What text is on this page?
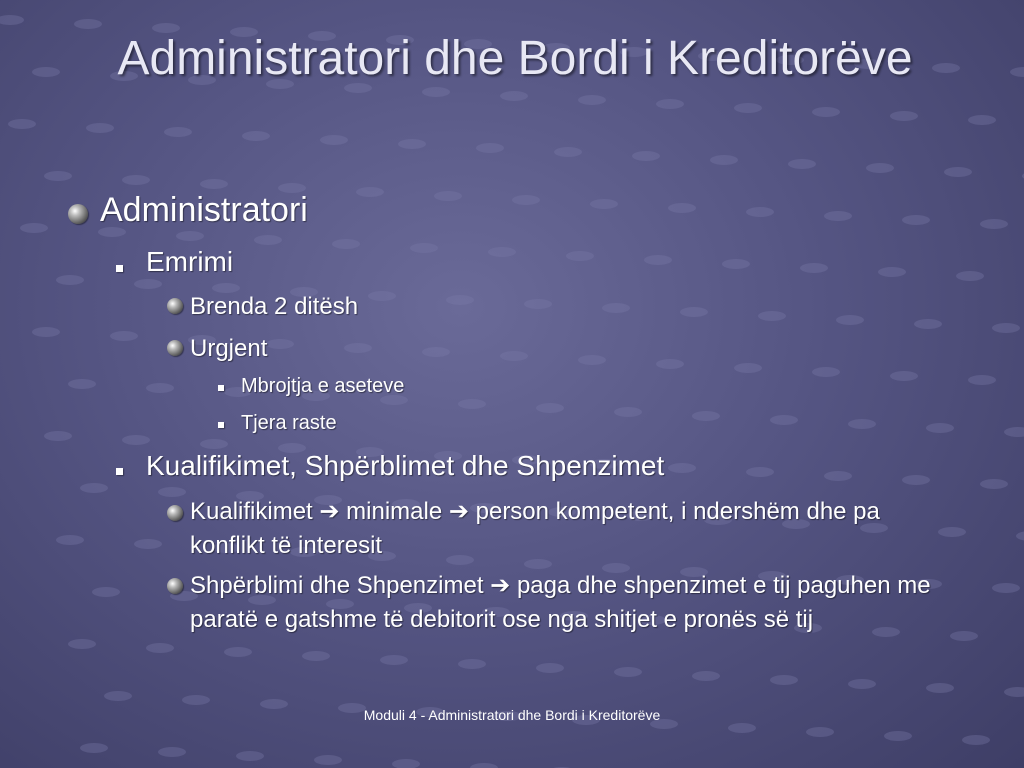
Administratori dhe Bordi i Kreditorëve
Administratori
Emrimi
Brenda 2 ditësh
Urgjent
Mbrojtja e aseteve
Tjera raste
Kualifikimet, Shpërblimet dhe Shpenzimet
Kualifikimet ➔ minimale ➔ person kompetent, i ndershëm dhe pa konflikt të interesit
Shpërblimi dhe Shpenzimet ➔ paga dhe shpenzimet e tij paguhen me paratë e gatshme të debitorit ose nga shitjet e pronës së tij
Moduli 4 - Administratori dhe Bordi i Kreditorëve
